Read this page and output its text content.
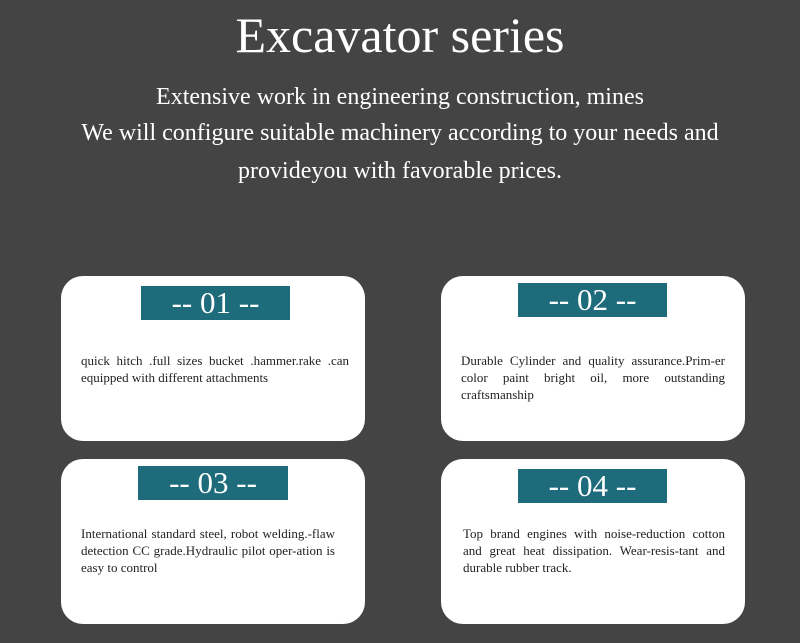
Excavator series

Extensive work in engineering construction, mines

We will configure suitable machinery according to your needs and

provideyou with favorable prices.

-- 01 --

quick hitch .full sizes bucket .hammer.rake .can equipped with different attachments

-- 02 --

Durable Cylinder and quality assurance.Prim-er color paint bright oil, more outstanding craftsmanship

-- 03 --

International standard steel, robot welding.-flaw detection CC grade.Hydraulic pilot oper-ation is easy to control

-- 04 --

Top brand engines with noise-reduction cotton and great heat dissipation. Wear-resis-tant and durable rubber track.
